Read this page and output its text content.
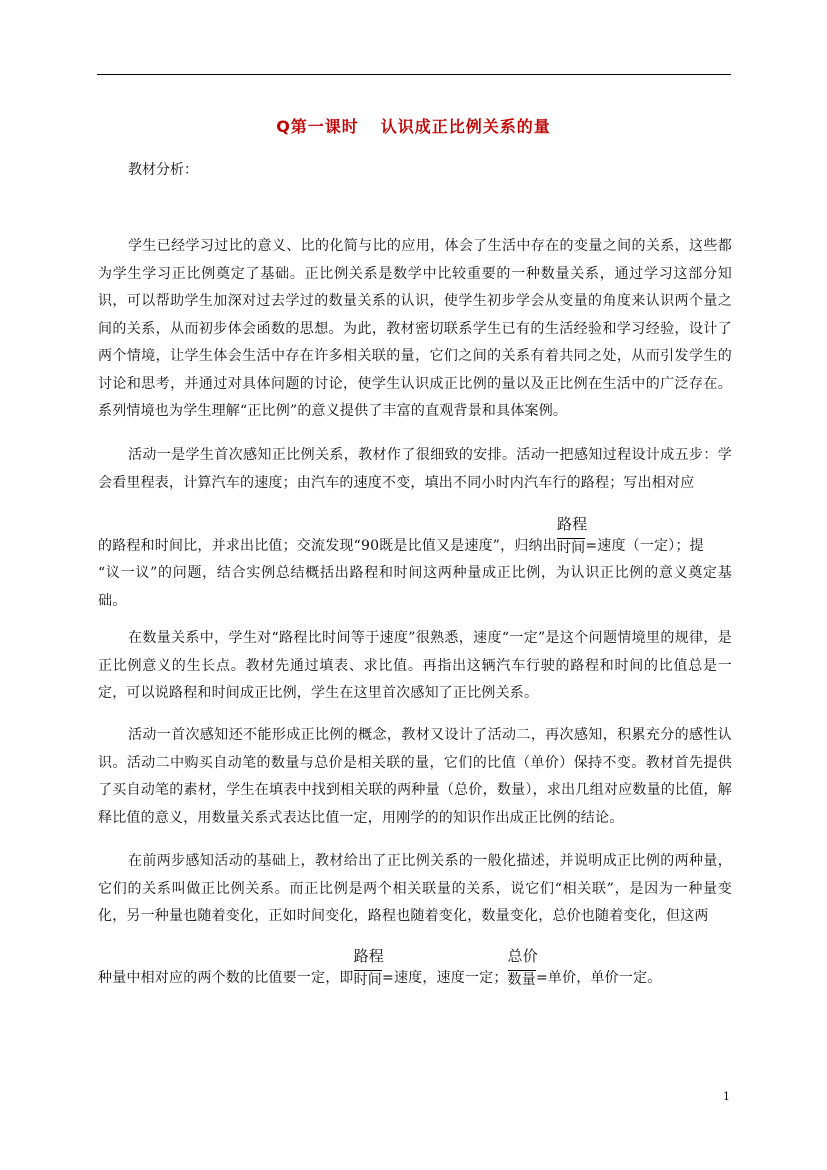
Q第一课时 认识成正比例关系的量
教材分析：
学生已经学习过比的意义、比的化简与比的应用，体会了生活中存在的变量之间的关系，这些都为学生学习正比例奠定了基础。正比例关系是数学中比较重要的一种数量关系，通过学习这部分知识，可以帮助学生加深对过去学过的数量关系的认识，使学生初步学会从变量的角度来认识两个量之间的关系，从而初步体会函数的思想。为此，教材密切联系学生已有的生活经验和学习经验，设计了两个情境，让学生体会生活中存在许多相关联的量，它们之间的关系有着共同之处，从而引发学生的讨论和思考，并通过对具体问题的讨论，使学生认识成正比例的量以及正比例在生活中的广泛存在。系列情境也为学生理解“正比例”的意义提供了丰富的直观背景和具体案例。
活动一是学生首次感知正比例关系，教材作了很细致的安排。活动一把感知过程设计成五步：学会看里程表，计算汽车的速度；由汽车的速度不变，填出不同小时内汽车行的路程；写出相对应
的路程和时间比，并求出比值；交流发现“90既是比值又是速度”，归纳出 $\frac{\text{路程}}{\text{时间}}=$速度（一定）；提
“议一议”的问题，结合实例总结概括出路程和时间这两种量成正比例，为认识正比例的意义奠定基础。
在数量关系中，学生对“路程比时间等于速度”很熟悉，速度“一定”是这个问题情境里的规律，是正比例意义的生长点。教材先通过填表、求比值。再指出这辆汽车行驶的路程和时间的比值总是一定，可以说路程和时间成正比例，学生在这里首次感知了正比例关系。
活动一首次感知还不能形成正比例的概念，教材又设计了活动二，再次感知，积累充分的感性认识。活动二中购买自动笔的数量与总价是相关联的量，它们的比值（单价）保持不变。教材首先提供了买自动笔的素材，学生在填表中找到相关联的两种量（总价，数量），求出几组对应数量的比值，解释比值的意义，用数量关系式表达比值一定，用刚学的的知识作出成正比例的结论。
在前两步感知活动的基础上，教材给出了正比例关系的一般化描述，并说明成正比例的两种量，它们的关系叫做正比例关系。而正比例是两个相关联量的关系，说它们“相关联”，是因为一种量变化，另一种量也随着变化，正如时间变化，路程也随着变化，数量变化，总价也随着变化，但这两
种量中相对应的两个数的比值要一定，即 $\frac{\text{路程}}{\text{时间}}=$速度，速度一定； $\frac{\text{总价}}{\text{数量}}=$单价，单价一定。
1
